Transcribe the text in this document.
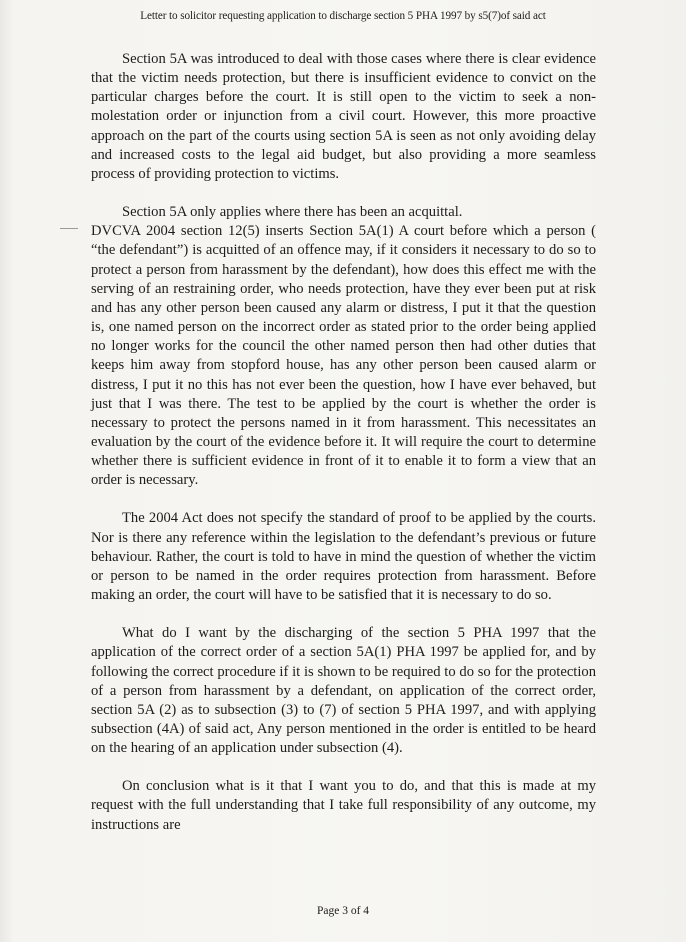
Letter to solicitor requesting application to discharge section 5 PHA 1997 by s5(7)of said act

Section 5A was introduced to deal with those cases where there is clear evidence that the victim needs protection, but there is insufficient evidence to convict on the particular charges before the court. It is still open to the victim to seek a non-molestation order or injunction from a civil court. However, this more proactive approach on the part of the courts using section 5A is seen as not only avoiding delay and increased costs to the legal aid budget, but also providing a more seamless process of providing protection to victims.

Section 5A only applies where there has been an acquittal.

DVCVA 2004 section 12(5) inserts Section 5A(1) A court before which a person ( “the defendant”) is acquitted of an offence may, if it considers it necessary to do so to protect a person from harassment by the defendant), how does this effect me with the serving of an restraining order, who needs protection, have they ever been put at risk and has any other person been caused any alarm or distress, I put it that the question is, one named person on the incorrect order as stated prior to the order being applied no longer works for the council the other named person then had other duties that keeps him away from stopford house, has any other person been caused alarm or distress, I put it no this has not ever been the question, how I have ever behaved, but just that I was there. The test to be applied by the court is whether the order is necessary to protect the persons named in it from harassment. This necessitates an evaluation by the court of the evidence before it. It will require the court to determine whether there is sufficient evidence in front of it to enable it to form a view that an order is necessary.

The 2004 Act does not specify the standard of proof to be applied by the courts. Nor is there any reference within the legislation to the defendant’s previous or future behaviour. Rather, the court is told to have in mind the question of whether the victim or person to be named in the order requires protection from harassment. Before making an order, the court will have to be satisfied that it is necessary to do so.

What do I want by the discharging of the section 5 PHA 1997 that the application of the correct order of a section 5A(1) PHA 1997 be applied for, and by following the correct procedure if it is shown to be required to do so for the protection of a person from harassment by a defendant, on application of the correct order, section 5A (2) as to subsection (3) to (7) of section 5 PHA 1997, and with applying subsection (4A) of said act, Any person mentioned in the order is entitled to be heard on the hearing of an application under subsection (4).

On conclusion what is it that I want you to do, and that this is made at my request with the full understanding that I take full responsibility of any outcome, my instructions are

Page 3 of 4
